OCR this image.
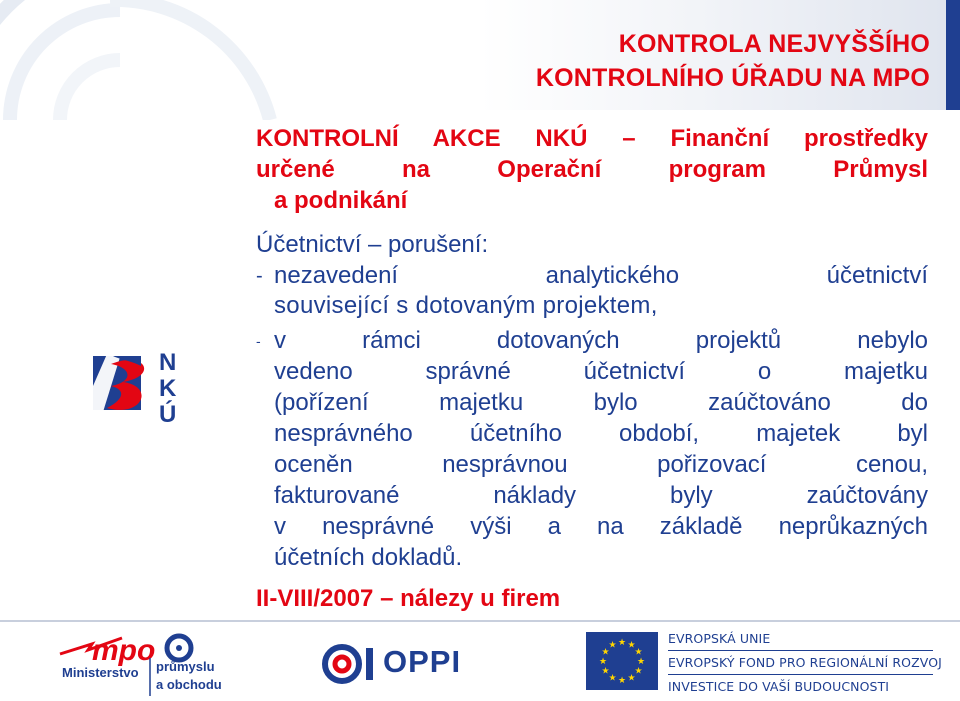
KONTROLA NEJVYŠŠÍHO
KONTROLNÍHO ÚŘADU NA MPO
N
K
Ú
KONTROLNÍ AKCE NKÚ – Finanční prostředky
určené na Operační program Průmysl
a podnikání
Účetnictví – porušení:
- nezavedení analytického účetnictví
související s dotovaným projektem,
- v rámci dotovaných projektů nebylo
vedeno správné účetnictví o majetku
(pořízení majetku bylo zaúčtováno do
nesprávného účetního období, majetek byl
oceněn nesprávnou pořizovací cenou,
fakturované náklady byly zaúčtovány
v nesprávné výši a na základě neprůkazných
účetních dokladů.
II-VIII/2007 – nálezy u firem
mpo
Ministerstvo průmyslu
a obchodu
OPPI
★ ★
★
★
★
★
★
★
★
★
★
★	EVROPSKÁ UNIE
EVROPSKÝ FOND PRO REGIONÁLNÍ ROZVOJ
INVESTICE DO VAŠÍ BUDOUCNOSTI
